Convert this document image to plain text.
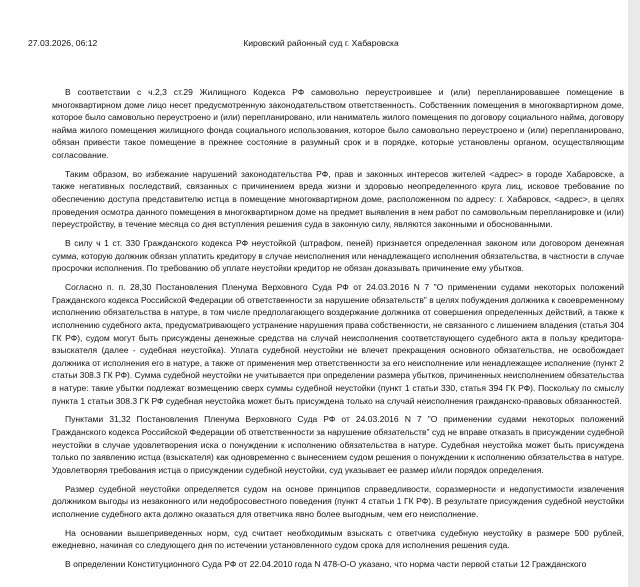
27.03.2026, 06:12	Кировский районный суд г. Хабаровска

В соответствии с ч.2,3 ст.29 Жилищного Кодекса РФ самовольно переустроившее и (или) перепланировавшее помещение в
многоквартирном доме лицо несет предусмотренную законодательством ответственность. Собственник помещения в многоквартирном доме,
которое было самовольно переустроено и (или) перепланировано, или наниматель жилого помещения по договору социального найма, договору
найма жилого помещения жилищного фонда социального использования, которое было самовольно переустроено и (или) перепланировано,
обязан привести такое помещение в прежнее состояние в разумный срок и в порядке, которые установлены органом, осуществляющим
согласование.

Таким образом, во избежание нарушений законодательства РФ, прав и законных интересов жителей <адрес> в городе Хабаровске, а
также негативных последствий, связанных с причинением вреда жизни и здоровью неопределенного круга лиц, исковое требование по
обеспечению доступа представителю истца в помещение многоквартирном доме, расположенном по адресу: г. Хабаровск, <адрес>, в целях
проведения осмотра данного помещения в многоквартирном доме на предмет выявления в нем работ по самовольным перепланировке и (или)
переустройству, в течение месяца со дня вступления решения суда в законную силу, являются законными и обоснованными.

В силу ч 1 ст. 330 Гражданского кодекса РФ неустойкой (штрафом, пеней) признается определенная законом или договором денежная
сумма, которую должник обязан уплатить кредитору в случае неисполнения или ненадлежащего исполнения обязательства, в частности в случае
просрочки исполнения. По требованию об уплате неустойки кредитор не обязан доказывать причинение ему убытков.

Согласно п. п. 28,30 Постановления Пленума Верховного Суда РФ от 24.03.2016 N 7 "О применении судами некоторых положений
Гражданского кодекса Российской Федерации об ответственности за нарушение обязательств" в целях побуждения должника к своевременному
исполнению обязательства в натуре, в том числе предполагающего воздержание должника от совершения определенных действий, а также к
исполнению судебного акта, предусматривающего устранение нарушения права собственности, не связанного с лишением владения (статья 304
ГК РФ), судом могут быть присуждены денежные средства на случай неисполнения соответствующего судебного акта в пользу кредитора-
взыскателя (далее - судебная неустойка). Уплата судебной неустойки не влечет прекращения основного обязательства, не освобождает
должника от исполнения его в натуре, а также от применения мер ответственности за его неисполнение или ненадлежащее исполнение (пункт 2
статьи 308.3 ГК РФ). Сумма судебной неустойки не учитывается при определении размера убытков, причиненных неисполнением обязательства
в натуре: такие убытки подлежат возмещению сверх суммы судебной неустойки (пункт 1 статьи 330, статья 394 ГК РФ). Поскольку по смыслу
пункта 1 статьи 308.3 ГК РФ судебная неустойка может быть присуждена только на случай неисполнения гражданско-правовых обязанностей.

Пунктами 31,32 Постановления Пленума Верховного Суда РФ от 24.03.2016 N 7 "О применении судами некоторых положений
Гражданского кодекса Российской Федерации об ответственности за нарушение обязательств" суд не вправе отказать в присуждении судебной
неустойки в случае удовлетворения иска о понуждении к исполнению обязательства в натуре. Судебная неустойка может быть присуждена
только по заявлению истца (взыскателя) как одновременно с вынесением судом решения о понуждении к исполнению обязательства в натуре.
Удовлетворяя требования истца о присуждении судебной неустойки, суд указывает ее размер и/или порядок определения.

Размер судебной неустойки определяется судом на основе принципов справедливости, соразмерности и недопустимости извлечения
должником выгоды из незаконного или недобросовестного поведения (пункт 4 статьи 1 ГК РФ). В результате присуждения судебной неустойки
исполнение судебного акта должно оказаться для ответчика явно более выгодным, чем его неисполнение.

На основании вышеприведенных норм, суд считает необходимым взыскать с ответчика судебную неустойку в размере 500 рублей,
ежедневно, начиная со следующего дня по истечении установленного судом срока для исполнения решения суда.

В определении Конституционного Суда РФ от 22.04.2010 года N 478-О-О указано, что норма части первой статьи 12 Гражданского
